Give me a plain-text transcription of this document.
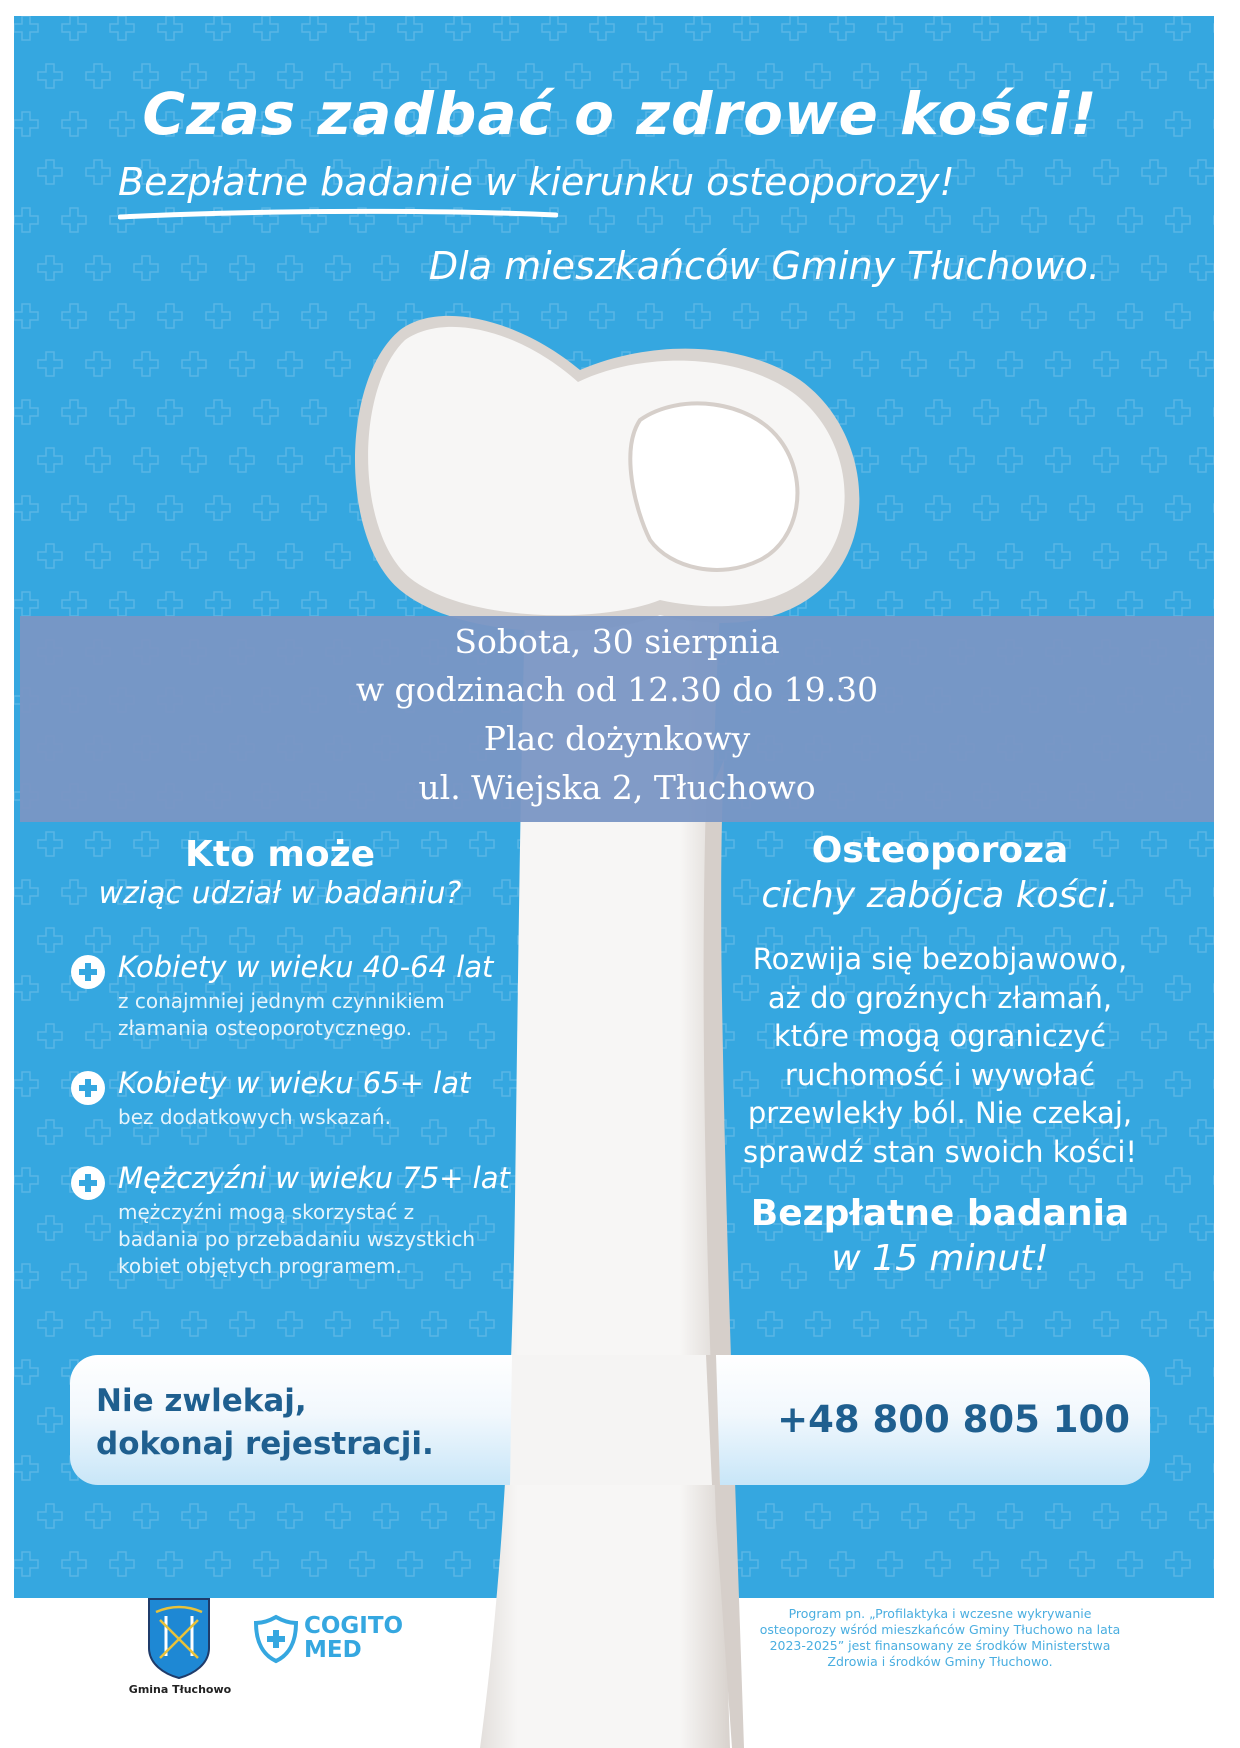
Czas zadbać o zdrowe kości!
Bezpłatne badanie w kierunku osteoporozy!
Dla mieszkańców Gminy Tłuchowo.
Sobota, 30 sierpnia
w godzinach od 12.30 do 19.30
Plac dożynkowy
ul. Wiejska 2, Tłuchowo
Kto może
wziąc udział w badaniu?
Kobiety w wieku 40-64 lat
z conajmniej jednym czynnikiem
złamania osteoporotycznego.
Kobiety w wieku 65+ lat
bez dodatkowych wskazań.
Mężczyźni w wieku 75+ lat
mężczyźni mogą skorzystać z
badania po przebadaniu wszystkich
kobiet objętych programem.
Osteoporoza
cichy zabójca kości.
Rozwija się bezobjawowo,
aż do groźnych złamań,
które mogą ograniczyć
ruchomość i wywołać
przewlekły ból. Nie czekaj,
sprawdź stan swoich kości!
Bezpłatne badania
w 15 minut!
Nie zwlekaj,
dokonaj rejestracji.
+48 800 805 100
Gmina Tłuchowo
COGITO
MED
Program pn. „Profilaktyka i wczesne wykrywanie
osteoporozy wśród mieszkańców Gminy Tłuchowo na lata
2023-2025” jest finansowany ze środków Ministerstwa
Zdrowia i środków Gminy Tłuchowo.
